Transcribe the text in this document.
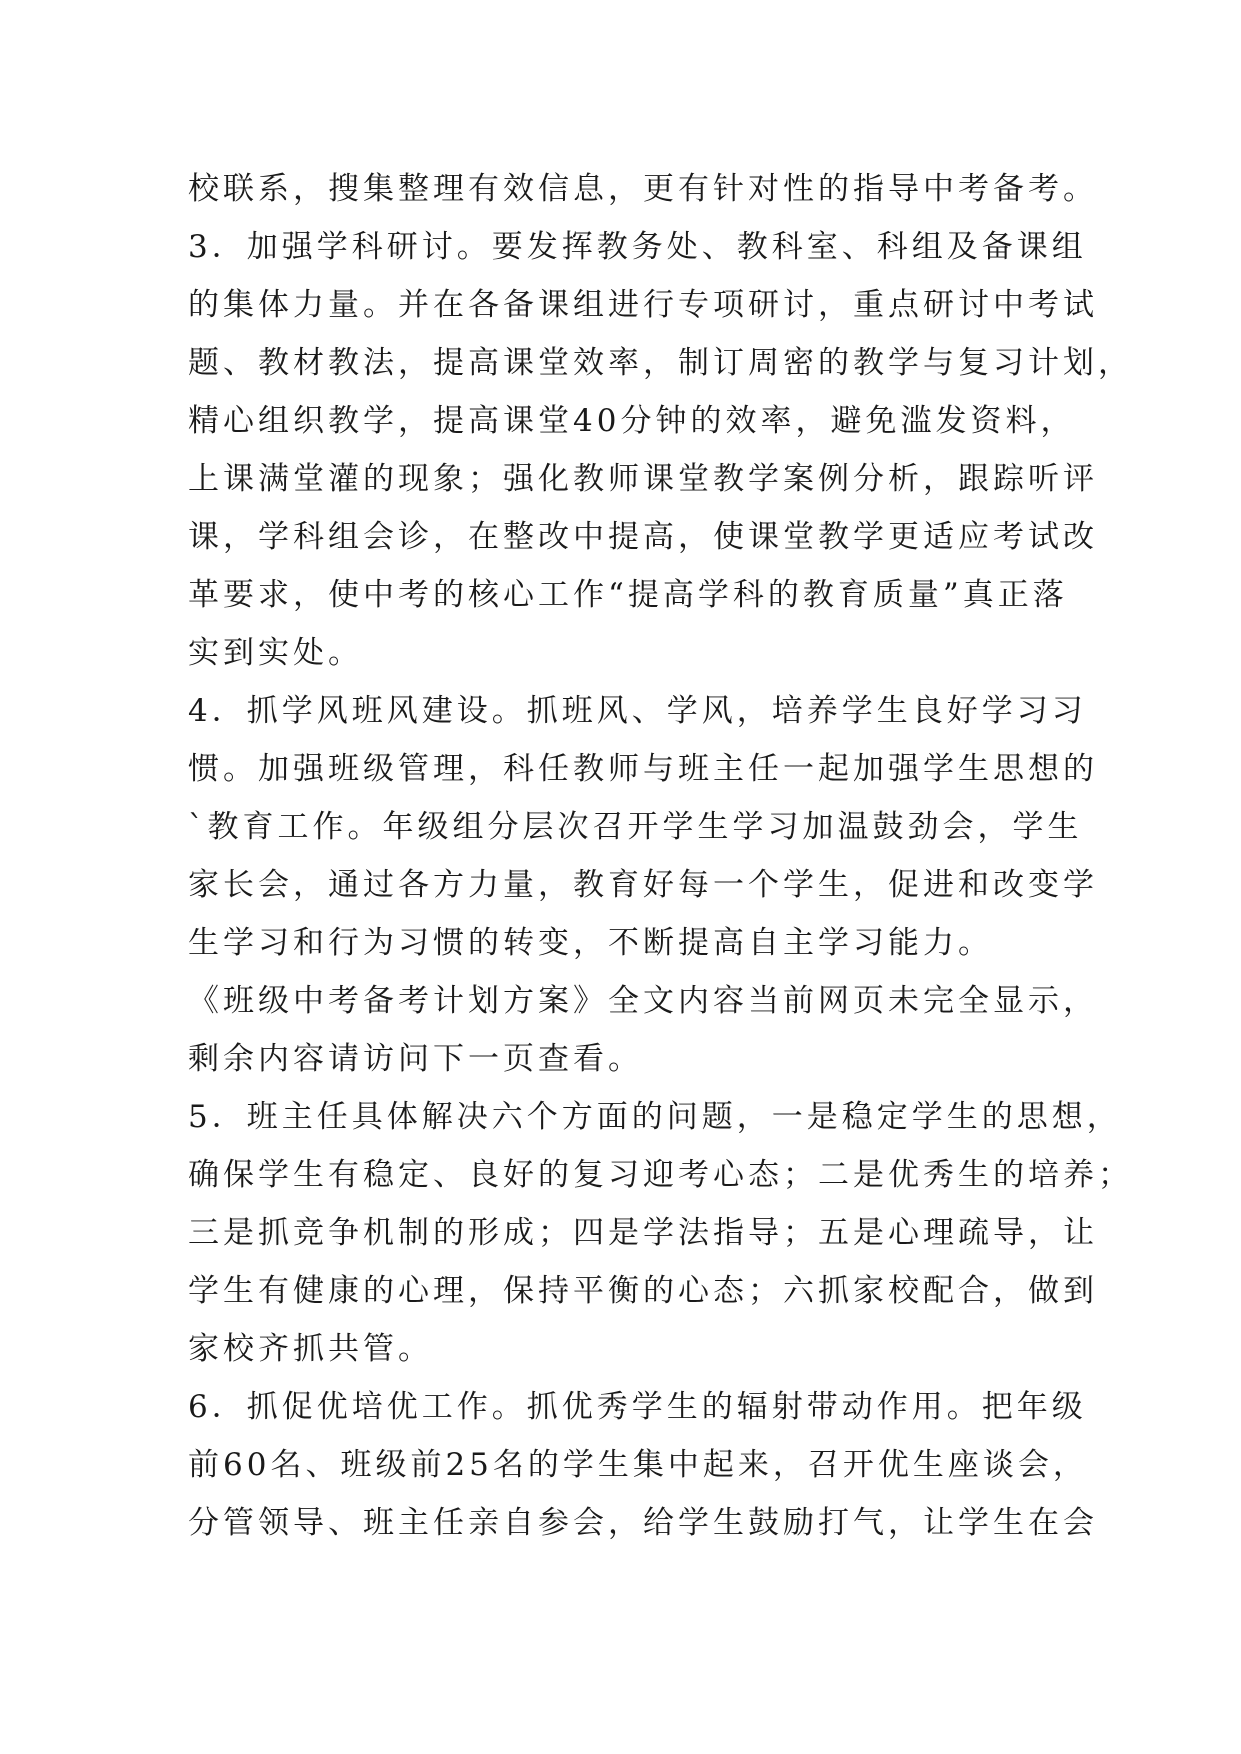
校联系，搜集整理有效信息，更有针对性的指导中考备考。
3．加强学科研讨。要发挥教务处、教科室、科组及备课组
的集体力量。并在各备课组进行专项研讨，重点研讨中考试
题、教材教法，提高课堂效率，制订周密的教学与复习计划，
精心组织教学，提高课堂40分钟的效率，避免滥发资料，
上课满堂灌的现象；强化教师课堂教学案例分析，跟踪听评
课，学科组会诊，在整改中提高，使课堂教学更适应考试改
革要求，使中考的核心工作“提高学科的教育质量”真正落
实到实处。
4．抓学风班风建设。抓班风、学风，培养学生良好学习习
惯。加强班级管理，科任教师与班主任一起加强学生思想的
`教育工作。年级组分层次召开学生学习加温鼓劲会，学生
家长会，通过各方力量，教育好每一个学生，促进和改变学
生学习和行为习惯的转变，不断提高自主学习能力。
《班级中考备考计划方案》全文内容当前网页未完全显示，
剩余内容请访问下一页查看。
5．班主任具体解决六个方面的问题，一是稳定学生的思想，
确保学生有稳定、良好的复习迎考心态；二是优秀生的培养；
三是抓竞争机制的形成；四是学法指导；五是心理疏导，让
学生有健康的心理，保持平衡的心态；六抓家校配合，做到
家校齐抓共管。
6．抓促优培优工作。抓优秀学生的辐射带动作用。把年级
前60名、班级前25名的学生集中起来，召开优生座谈会，
分管领导、班主任亲自参会，给学生鼓励打气，让学生在会
